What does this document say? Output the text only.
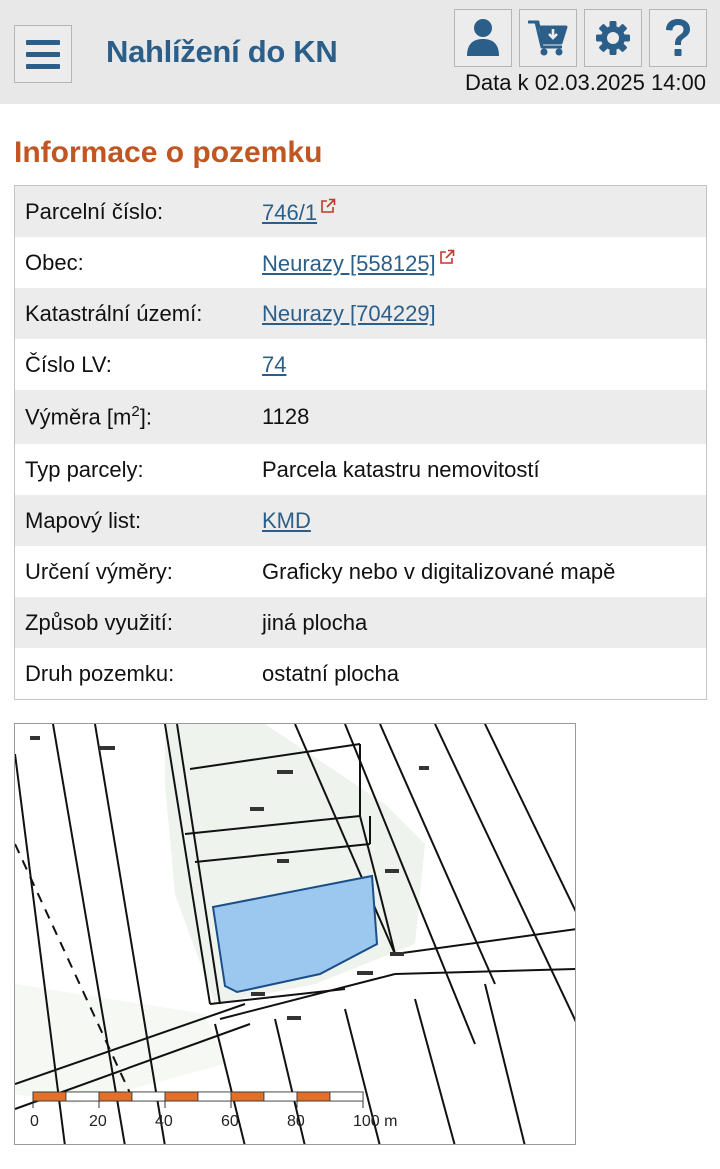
Nahlížení do KN
Data k 02.03.2025 14:00
Informace o pozemku
Parcelní číslo:	746/1
Obec:	Neurazy [558125]
Katastrální území:	Neurazy [704229]
Číslo LV:	74
Výměra $[m^2]$:	1128
Typ parcely:	Parcela katastru nemovitostí
Mapový list:	KMD
Určení výměry:	Graficky nebo v digitalizované mapě
Způsob využití:	jiná plocha
Druh pozemku:	ostatní plocha
0	20	40	60	80	100 m
